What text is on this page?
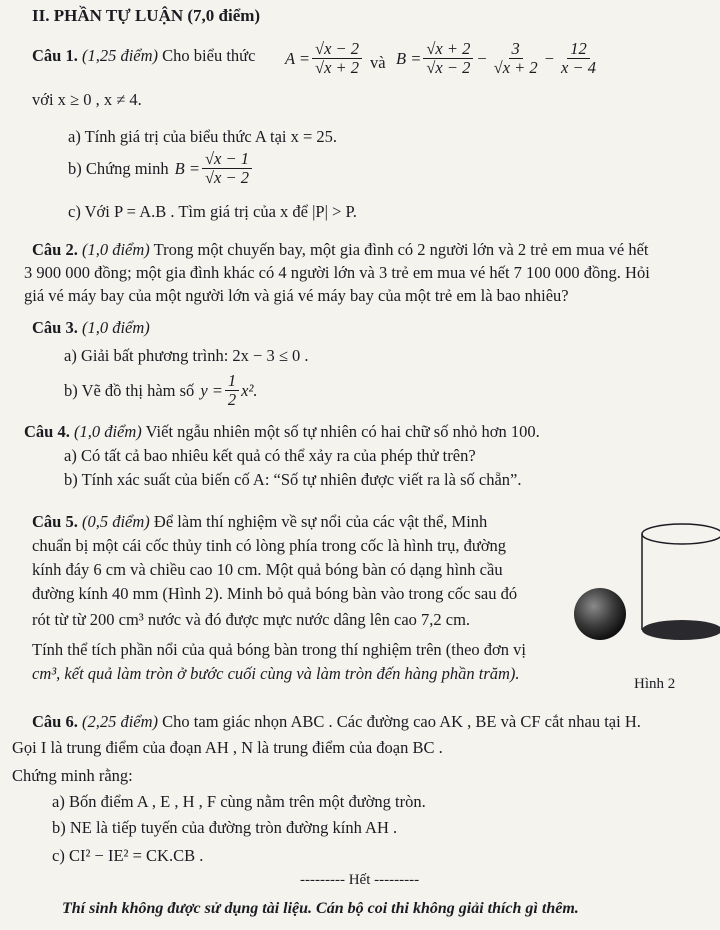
II. PHẦN TỰ LUẬN (7,0 điểm)
Câu 1. (1,25 điểm) Cho biểu thức $A = \frac{√x - 2}{√x + 2}$ và $B = \frac{√x + 2}{√x - 2} - \frac{3}{√x + 2} - \frac{12}{x - 4}$
với x ≥ 0 , x ≠ 4.
a) Tính giá trị của biểu thức A tại x = 25.
b) Chứng minh $B = \frac{√x - 1}{√x - 2}$
c) Với P = A.B . Tìm giá trị của x để |P| > P.
Câu 2. (1,0 điểm) Trong một chuyến bay, một gia đình có 2 người lớn và 2 trẻ em mua vé hết
3 900 000 đồng; một gia đình khác có 4 người lớn và 3 trẻ em mua vé hết 7 100 000 đồng. Hỏi
giá vé máy bay của một người lớn và giá vé máy bay của một trẻ em là bao nhiêu?
Câu 3. (1,0 điểm)
a) Giải bất phương trình: 2x − 3 ≤ 0 .
b) Vẽ đồ thị hàm số $y = \frac{1}{2} x^2$.
Câu 4. (1,0 điểm) Viết ngẫu nhiên một số tự nhiên có hai chữ số nhỏ hơn 100.
a) Có tất cả bao nhiêu kết quả có thể xảy ra của phép thử trên?
b) Tính xác suất của biến cố A: “Số tự nhiên được viết ra là số chẵn”.
Câu 5. (0,5 điểm) Để làm thí nghiệm về sự nổi của các vật thể, Minh
chuẩn bị một cái cốc thủy tinh có lòng phía trong cốc là hình trụ, đường
kính đáy 6 cm và chiều cao 10 cm. Một quả bóng bàn có dạng hình cầu
đường kính 40 mm (Hình 2). Minh bỏ quả bóng bàn vào trong cốc sau đó
rót từ từ 200 cm³ nước và đó được mực nước dâng lên cao 7,2 cm.
Tính thể tích phần nổi của quả bóng bàn trong thí nghiệm trên (theo đơn vị
cm³, kết quả làm tròn ở bước cuối cùng và làm tròn đến hàng phần trăm).
Hình 2
Câu 6. (2,25 điểm) Cho tam giác nhọn ABC . Các đường cao AK , BE và CF cắt nhau tại H.
Gọi I là trung điểm của đoạn AH , N là trung điểm của đoạn BC .
Chứng minh rằng:
a) Bốn điểm A , E , H , F cùng nằm trên một đường tròn.
b) NE là tiếp tuyến của đường tròn đường kính AH .
c) CI² − IE² = CK.CB .
--------- Hết ---------
Thí sinh không được sử dụng tài liệu. Cán bộ coi thi không giải thích gì thêm.
